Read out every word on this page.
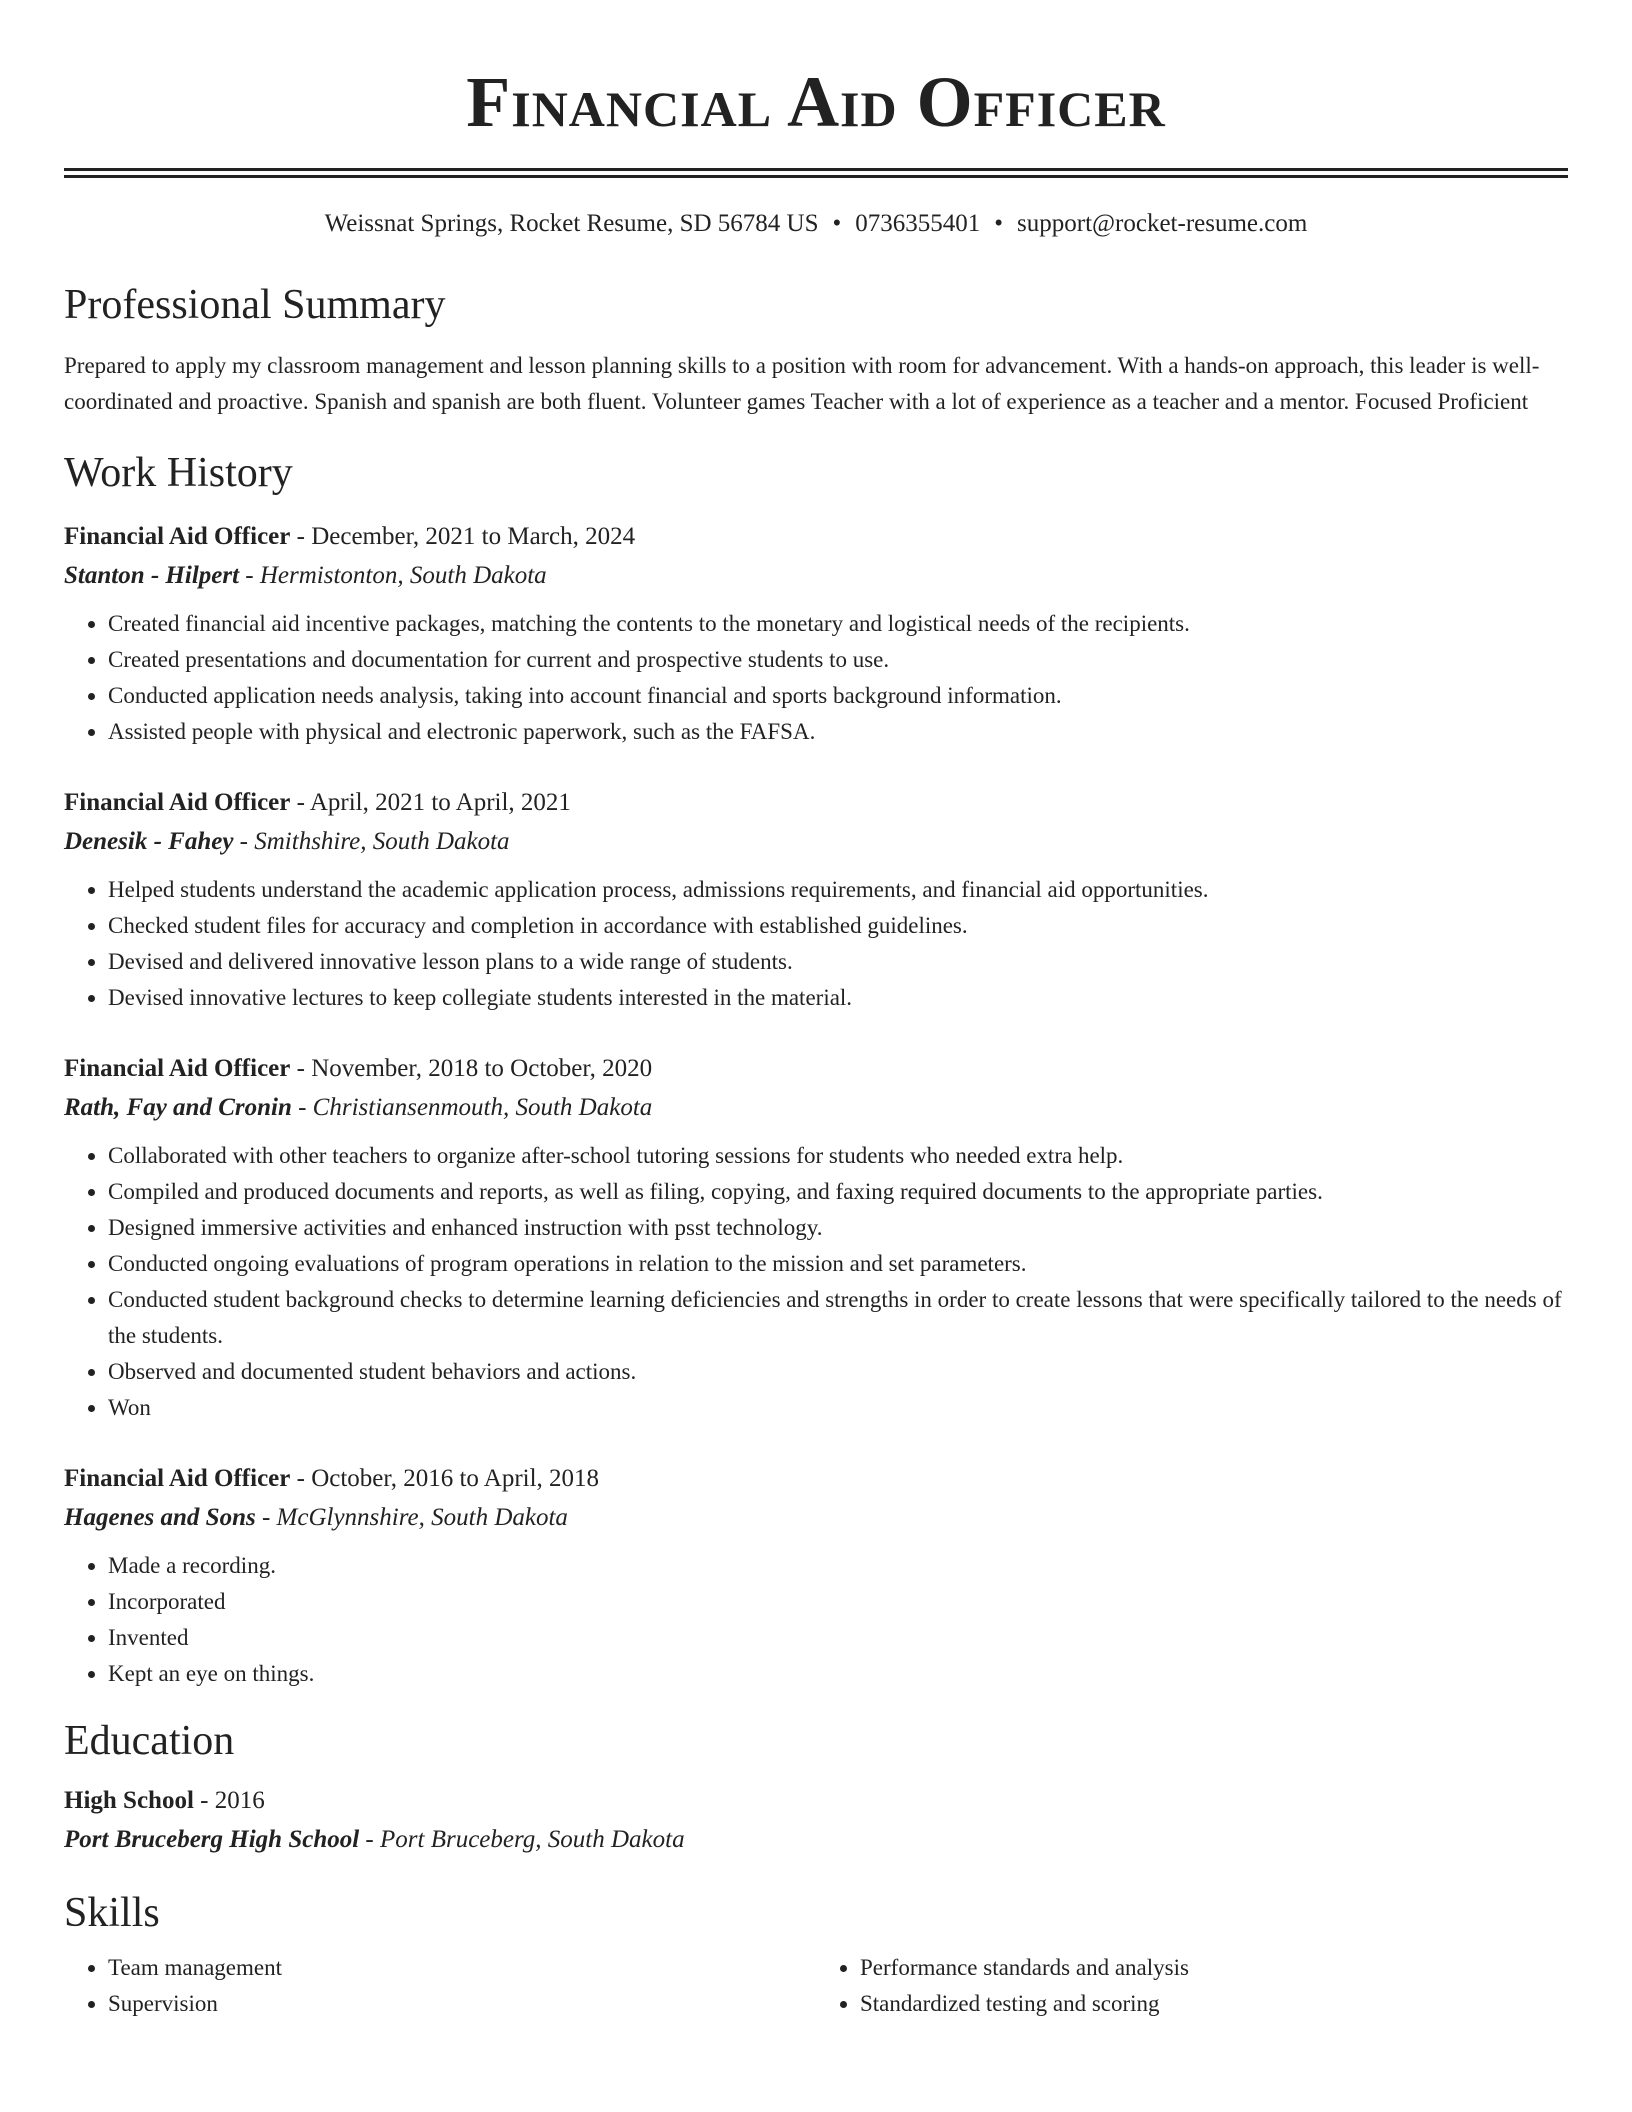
Financial Aid Officer
Weissnat Springs, Rocket Resume, SD 56784 US • 0736355401 • support@rocket-resume.com
Professional Summary

Prepared to apply my classroom management and lesson planning skills to a position with room for advancement. With a hands-on approach, this leader is well-coordinated and proactive. Spanish and spanish are both fluent. Volunteer games Teacher with a lot of experience as a teacher and a mentor. Focused Proficient

Work History
Financial Aid Officer - December, 2021 to March, 2024
Stanton - Hilpert - Hermistonton, South Dakota
• Created financial aid incentive packages, matching the contents to the monetary and logistical needs of the recipients.
• Created presentations and documentation for current and prospective students to use.
• Conducted application needs analysis, taking into account financial and sports background information.
• Assisted people with physical and electronic paperwork, such as the FAFSA.
Financial Aid Officer - April, 2021 to April, 2021
Denesik - Fahey - Smithshire, South Dakota
• Helped students understand the academic application process, admissions requirements, and financial aid opportunities.
• Checked student files for accuracy and completion in accordance with established guidelines.
• Devised and delivered innovative lesson plans to a wide range of students.
• Devised innovative lectures to keep collegiate students interested in the material.
Financial Aid Officer - November, 2018 to October, 2020
Rath, Fay and Cronin - Christiansenmouth, South Dakota
• Collaborated with other teachers to organize after-school tutoring sessions for students who needed extra help.
• Compiled and produced documents and reports, as well as filing, copying, and faxing required documents to the appropriate parties.
• Designed immersive activities and enhanced instruction with psst technology.
• Conducted ongoing evaluations of program operations in relation to the mission and set parameters.
• Conducted student background checks to determine learning deficiencies and strengths in order to create lessons that were specifically tailored to the needs of the students.
• Observed and documented student behaviors and actions.
• Won
Financial Aid Officer - October, 2016 to April, 2018
Hagenes and Sons - McGlynnshire, South Dakota
• Made a recording.
• Incorporated
• Invented
• Kept an eye on things.
Education
High School - 2016
Port Bruceberg High School - Port Bruceberg, South Dakota
Skills
• Team management
• Supervision
• Performance standards and analysis
• Standardized testing and scoring
